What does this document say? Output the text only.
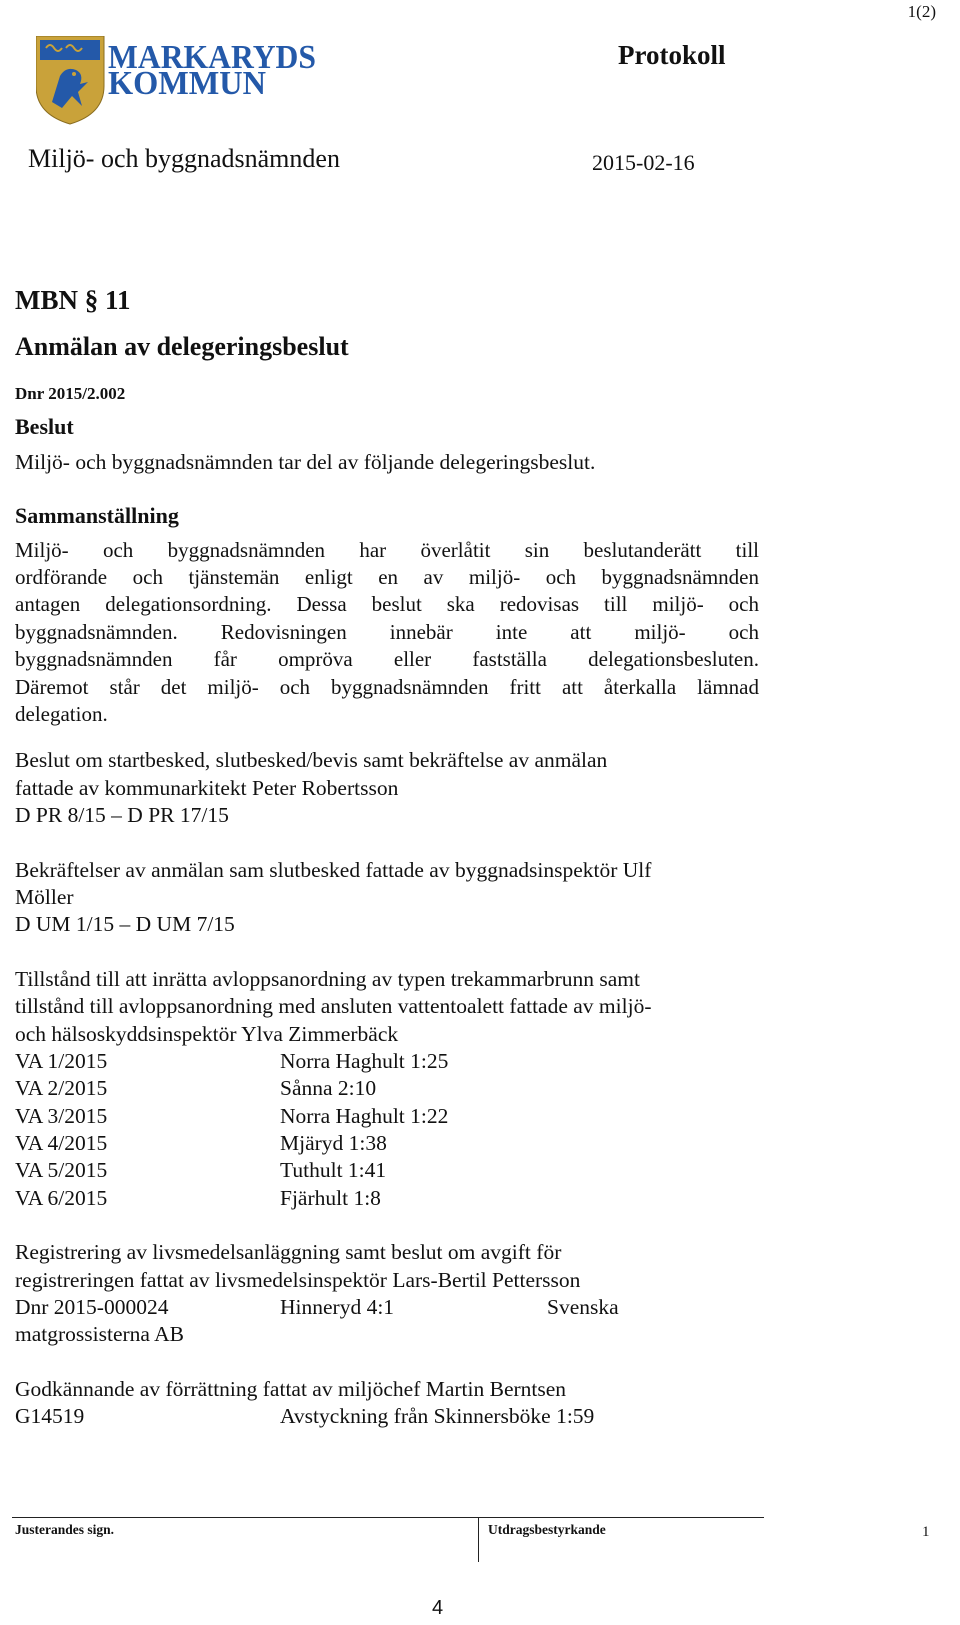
1(2)
MARKARYDS
KOMMUN
Protokoll
Miljö- och byggnadsnämnden	2015-02-16
MBN § 11
Anmälan av delegeringsbeslut
Dnr 2015/2.002
Beslut
Miljö- och byggnadsnämnden tar del av följande delegeringsbeslut.
Sammanställning
Miljö- och byggnadsnämnden har överlåtit sin beslutanderätt till
ordförande och tjänstemän enligt en av miljö- och byggnadsnämnden
antagen delegationsordning. Dessa beslut ska redovisas till miljö- och
byggnadsnämnden. Redovisningen innebär inte att miljö- och
byggnadsnämnden får ompröva eller fastställa delegationsbesluten.
Däremot står det miljö- och byggnadsnämnden fritt att återkalla lämnad
delegation.
Beslut om startbesked, slutbesked/bevis samt bekräftelse av anmälan
fattade av kommunarkitekt Peter Robertsson
D PR 8/15 – D PR 17/15
Bekräftelser av anmälan sam slutbesked fattade av byggnadsinspektör Ulf
Möller
D UM 1/15 – D UM 7/15
Tillstånd till att inrätta avloppsanordning av typen trekammarbrunn samt
tillstånd till avloppsanordning med ansluten vattentoalett fattade av miljö-
och hälsoskyddsinspektör Ylva Zimmerbäck
VA 1/2015	Norra Haghult 1:25
VA 2/2015	Sånna 2:10
VA 3/2015	Norra Haghult 1:22
VA 4/2015	Mjäryd 1:38
VA 5/2015	Tuthult 1:41
VA 6/2015	Fjärhult 1:8
Registrering av livsmedelsanläggning samt beslut om avgift för
registreringen fattat av livsmedelsinspektör Lars-Bertil Pettersson
Dnr 2015-000024	Hinneryd 4:1	Svenska
matgrossisterna AB
Godkännande av förrättning fattat av miljöchef Martin Berntsen
G14519	Avstyckning från Skinnersböke 1:59
Justerandes sign.	Utdragsbestyrkande	1
4
